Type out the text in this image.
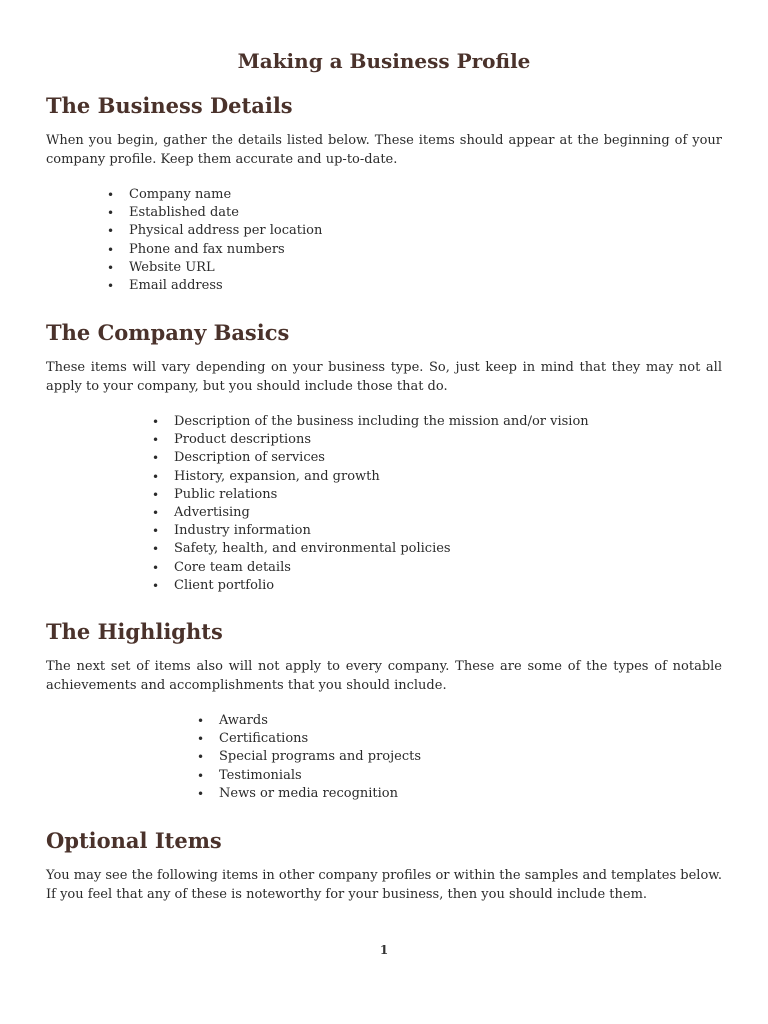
Making a Business Profile
The Business Details

When you begin, gather the details listed below. These items should appear at the beginning of your company profile. Keep them accurate and up-to-date.

• Company name
• Established date
• Physical address per location
• Phone and fax numbers
• Website URL
• Email address
The Company Basics

These items will vary depending on your business type. So, just keep in mind that they may not all apply to your company, but you should include those that do.

• Description of the business including the mission and/or vision
• Product descriptions
• Description of services
• History, expansion, and growth
• Public relations
• Advertising
• Industry information
• Safety, health, and environmental policies
• Core team details
• Client portfolio
The Highlights

The next set of items also will not apply to every company. These are some of the types of notable achievements and accomplishments that you should include.

• Awards
• Certifications
• Special programs and projects
• Testimonials
• News or media recognition
Optional Items

You may see the following items in other company profiles or within the samples and templates below. If you feel that any of these is noteworthy for your business, then you should include them.

1
